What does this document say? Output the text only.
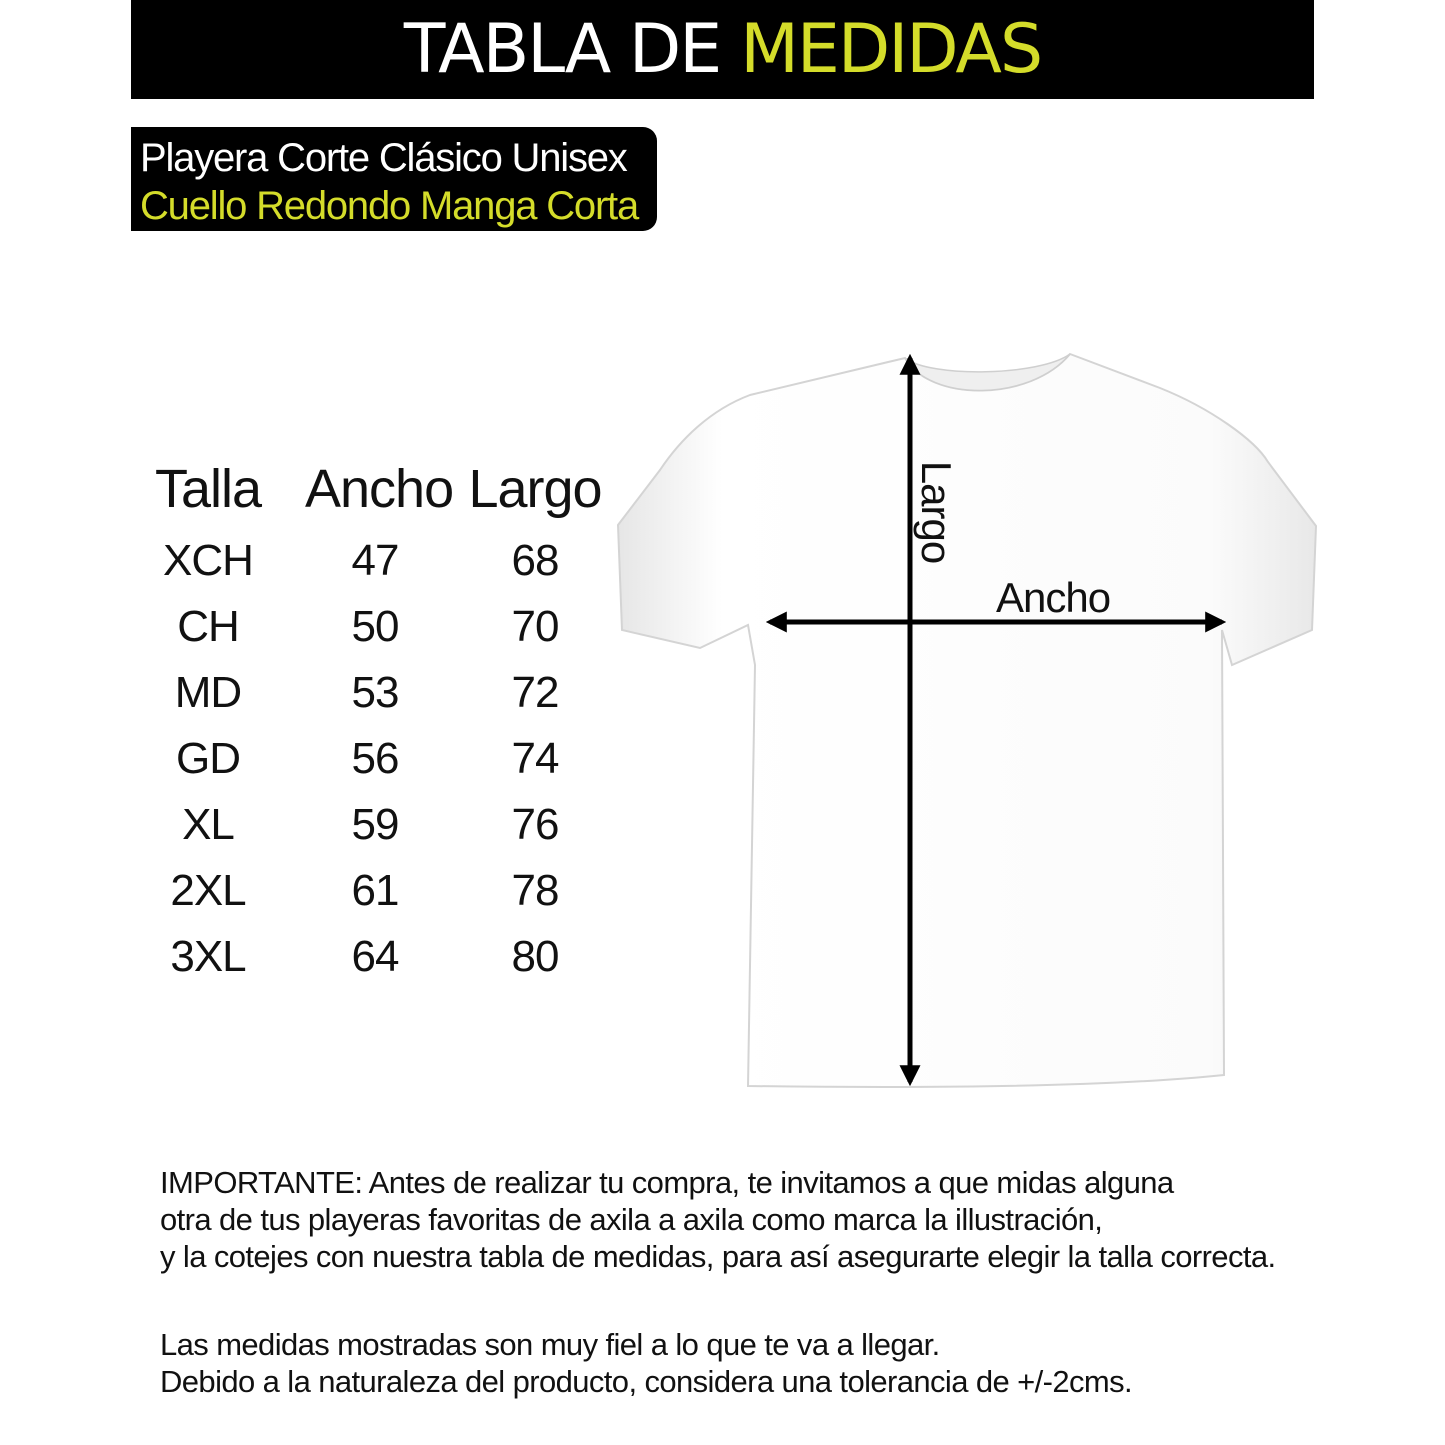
TABLA DE MEDIDAS
Playera Corte Clásico Unisex
Cuello Redondo Manga Corta
Talla Ancho Largo
XCH	47	68
CH	50	70
MD	53	72
GD	56	74
XL	59	76
2XL	61	78
3XL	64	80
Ancho
Largo

IMPORTANTE: Antes de realizar tu compra, te invitamos a que midas alguna

otra de tus playeras favoritas de axila a axila como marca la illustración,

y la cotejes con nuestra tabla de medidas, para así asegurarte elegir la talla correcta.

Las medidas mostradas son muy fiel a lo que te va a llegar.

Debido a la naturaleza del producto, considera una tolerancia de +/-2cms.
